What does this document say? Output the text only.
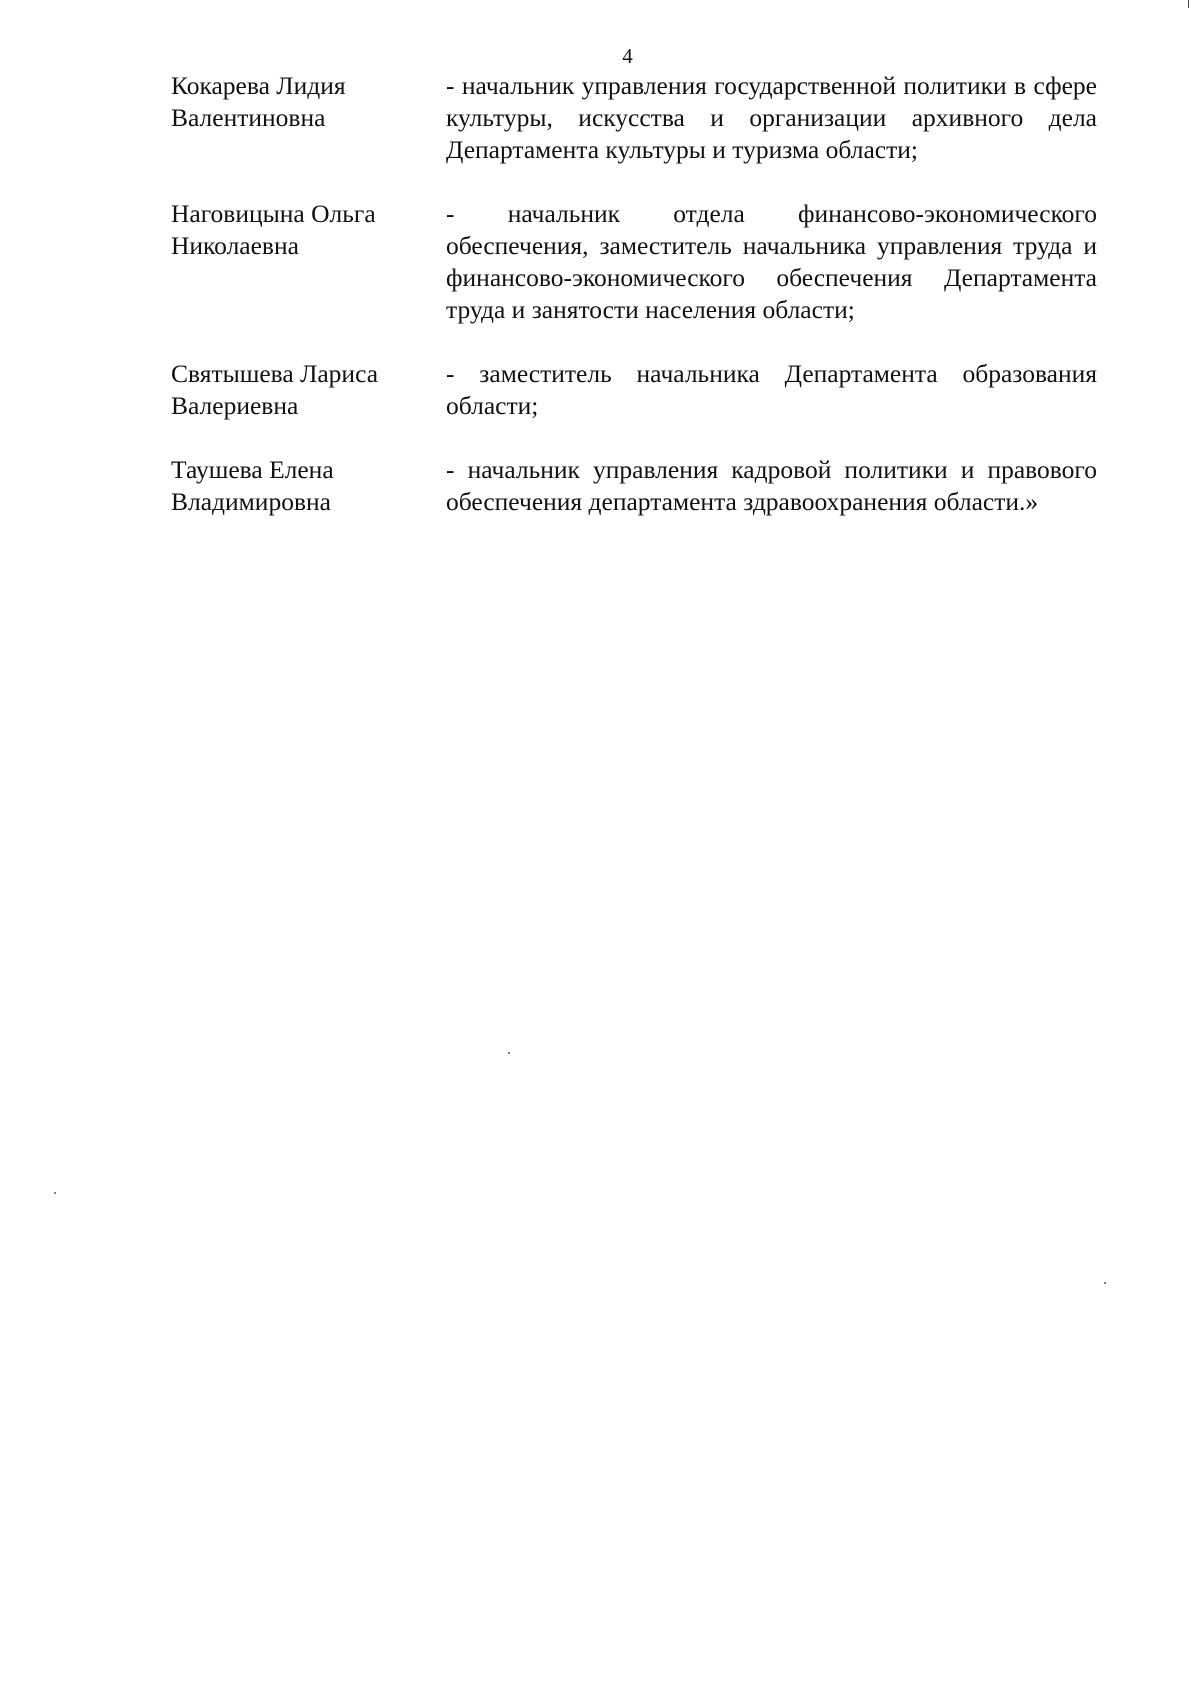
4
Кокарева Лидия
Валентиновна
- начальник управления государственной политики в сфере культуры, искусства и организации архивного дела Департамента культуры и туризма области;
Наговицына Ольга
Николаевна
- начальник отдела финансово-экономического обеспечения, заместитель начальника управления труда и финансово-экономического обеспечения Департамента труда и занятости населения области;
Святышева Лариса
Валериевна
- заместитель начальника Департамента образования области;
Таушева Елена
Владимировна
- начальник управления кадровой политики и правового обеспечения департамента здравоохранения области.»
